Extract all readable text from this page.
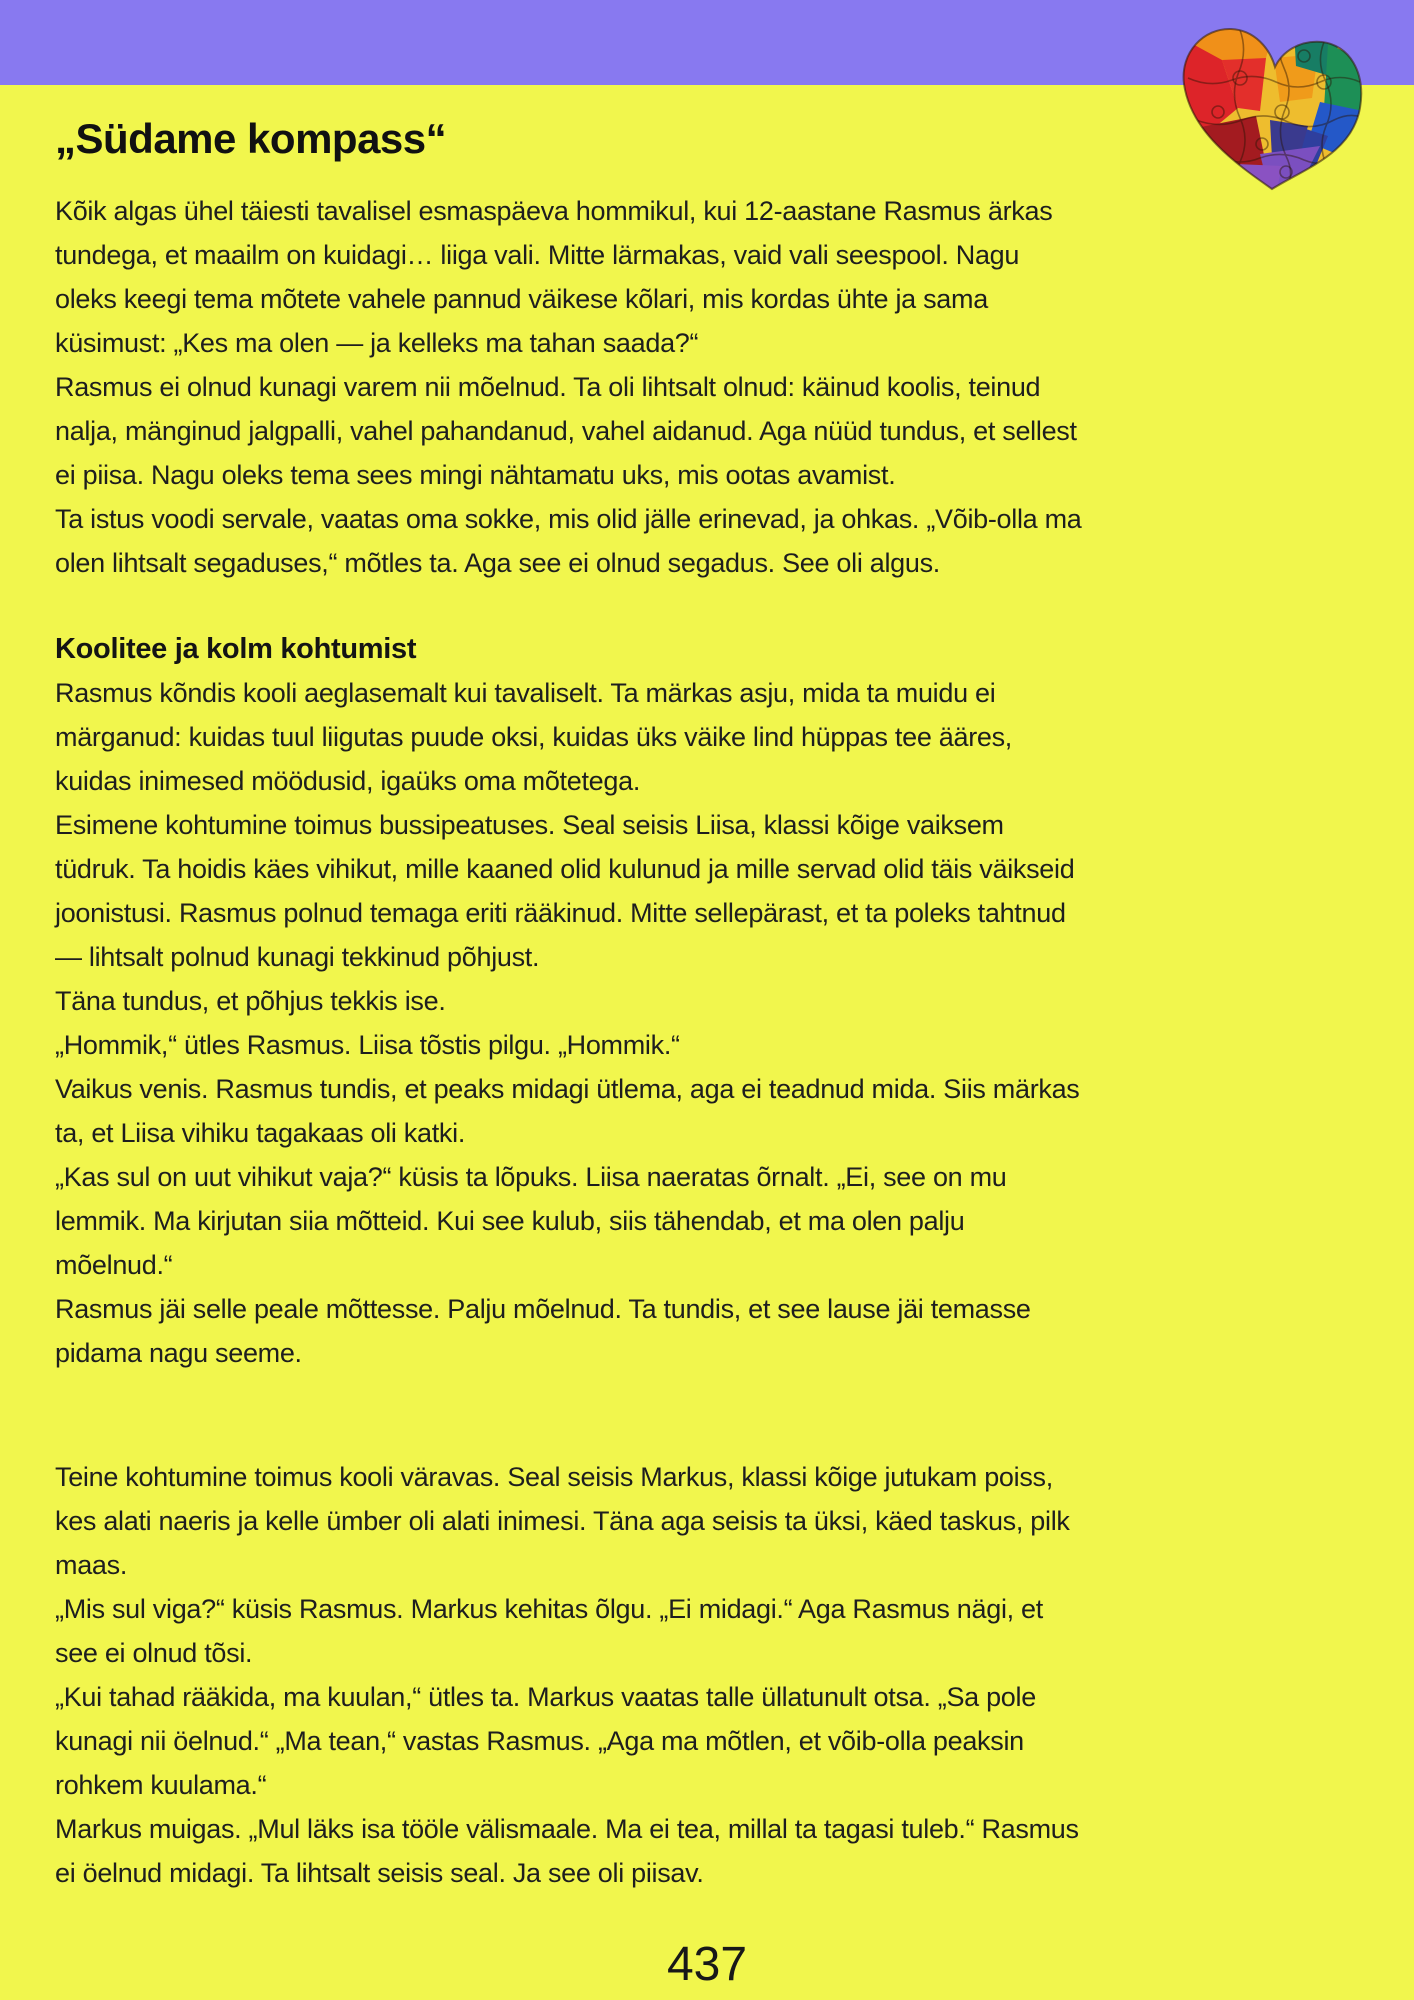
„Südame kompass“

Kõik algas ühel täiesti tavalisel esmaspäeva hommikul, kui 12-aastane Rasmus ärkas tundega, et maailm on kuidagi… liiga vali. Mitte lärmakas, vaid vali seespool. Nagu oleks keegi tema mõtete vahele pannud väikese kõlari, mis kordas ühte ja sama küsimust: „Kes ma olen — ja kelleks ma tahan saada?“

Rasmus ei olnud kunagi varem nii mõelnud. Ta oli lihtsalt olnud: käinud koolis, teinud nalja, mänginud jalgpalli, vahel pahandanud, vahel aidanud. Aga nüüd tundus, et sellest ei piisa. Nagu oleks tema sees mingi nähtamatu uks, mis ootas avamist.

Ta istus voodi servale, vaatas oma sokke, mis olid jälle erinevad, ja ohkas. „Võib-olla ma olen lihtsalt segaduses,“ mõtles ta. Aga see ei olnud segadus. See oli algus.

Koolitee ja kolm kohtumist

Rasmus kõndis kooli aeglasemalt kui tavaliselt. Ta märkas asju, mida ta muidu ei märganud: kuidas tuul liigutas puude oksi, kuidas üks väike lind hüppas tee ääres, kuidas inimesed möödusid, igaüks oma mõtetega.

Esimene kohtumine toimus bussipeatuses. Seal seisis Liisa, klassi kõige vaiksem tüdruk. Ta hoidis käes vihikut, mille kaaned olid kulunud ja mille servad olid täis väikseid joonistusi. Rasmus polnud temaga eriti rääkinud. Mitte sellepärast, et ta poleks tahtnud — lihtsalt polnud kunagi tekkinud põhjust.

Täna tundus, et põhjus tekkis ise.

„Hommik,“ ütles Rasmus. Liisa tõstis pilgu. „Hommik.“

Vaikus venis. Rasmus tundis, et peaks midagi ütlema, aga ei teadnud mida. Siis märkas ta, et Liisa vihiku tagakaas oli katki.

„Kas sul on uut vihikut vaja?“ küsis ta lõpuks. Liisa naeratas õrnalt. „Ei, see on mu lemmik. Ma kirjutan siia mõtteid. Kui see kulub, siis tähendab, et ma olen palju mõelnud.“

Rasmus jäi selle peale mõttesse. Palju mõelnud. Ta tundis, et see lause jäi temasse pidama nagu seeme.

Teine kohtumine toimus kooli väravas. Seal seisis Markus, klassi kõige jutukam poiss, kes alati naeris ja kelle ümber oli alati inimesi. Täna aga seisis ta üksi, käed taskus, pilk maas.

„Mis sul viga?“ küsis Rasmus. Markus kehitas õlgu. „Ei midagi.“ Aga Rasmus nägi, et see ei olnud tõsi.

„Kui tahad rääkida, ma kuulan,“ ütles ta. Markus vaatas talle üllatunult otsa. „Sa pole kunagi nii öelnud.“ „Ma tean,“ vastas Rasmus. „Aga ma mõtlen, et võib-olla peaksin rohkem kuulama.“

Markus muigas. „Mul läks isa tööle välismaale. Ma ei tea, millal ta tagasi tuleb.“ Rasmus ei öelnud midagi. Ta lihtsalt seisis seal. Ja see oli piisav.

437
